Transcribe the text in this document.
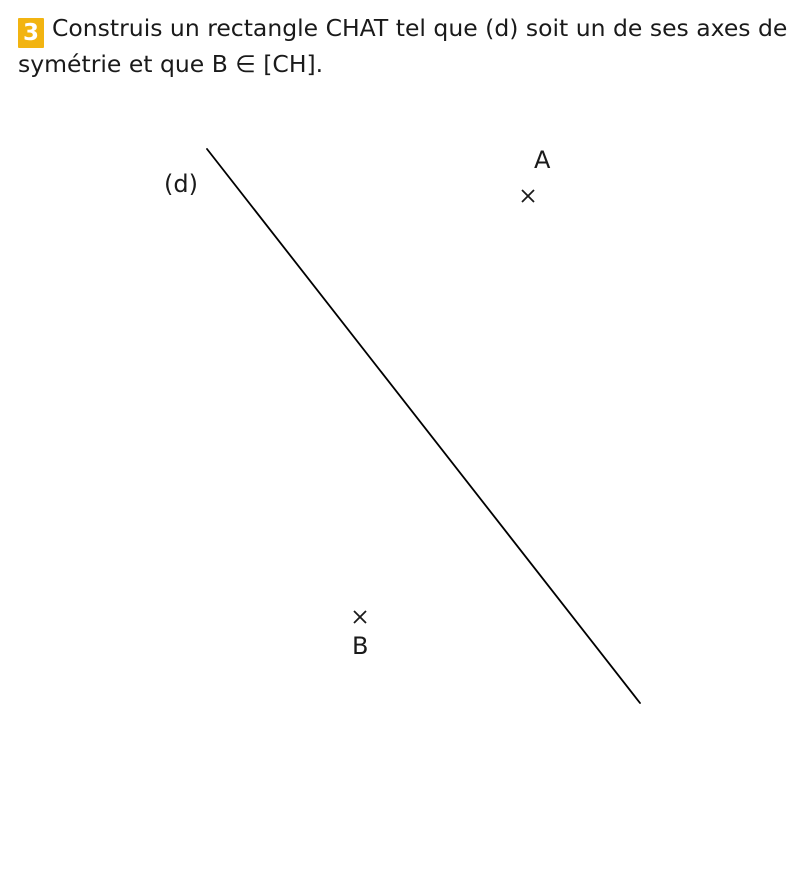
3 Construis un rectangle CHAT tel que (d) soit un de ses axes de symétrie et que B ∈ [CH].
(d)
A
B
